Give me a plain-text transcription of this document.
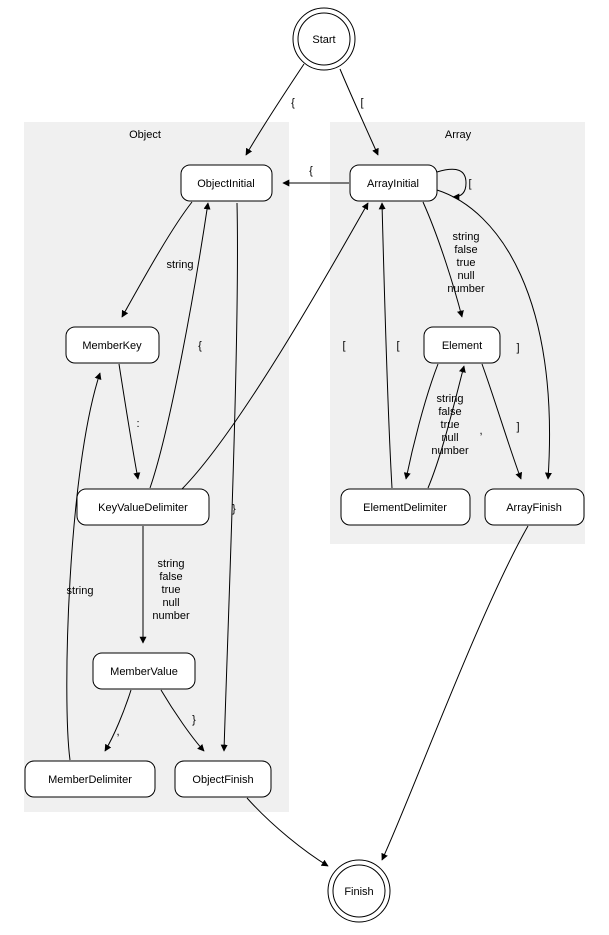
Object	Array
{	[
{
[
string
:
{	[
string
false
true
null
number
,
}
string
}
string
false
true
null
number
string
false
true
null
number
[	]
,	]
Start
Finish
ObjectInitial	ArrayInitial
MemberKey	Element
KeyValueDelimiter	ElementDelimiter	ArrayFinish
MemberValue
MemberDelimiter	ObjectFinish
